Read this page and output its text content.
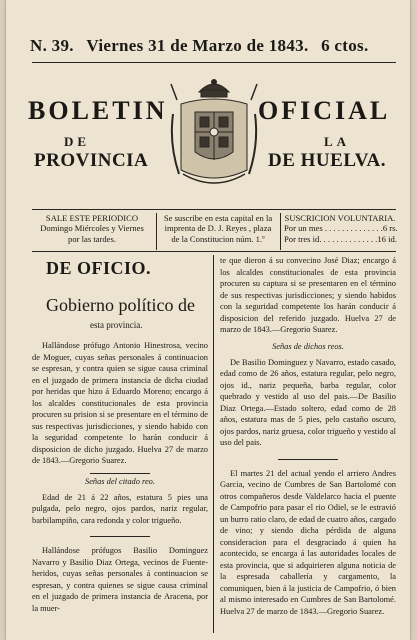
N. 39. Viernes 31 de Marzo de 1843. 6 ctos.
BOLETIN	OFICIAL
DE	LA
PROVINCIA	DE HUELVA.
SALE ESTE PERIODICO
Domingo Miércoles y Viernes
por las tardes.
Se suscribe en esta capital en la
imprenta de D. J. Reyes , plaza
de la Constitucion núm. 1.º
SUSCRICION VOLUNTARIA.
Por un mes . . . . . . . . . . . . . . 6 rs.
Por tres id. . . . . . . . . . . . . . 16 id.
DE OFICIO.
Gobierno político de
esta provincia.

Hallándose prófugo Antonio Hinestrosa, vecino de Moguer, cuyas señas personales á continuacion se espresan, y contra quien se sigue causa criminal en el juzgado de primera instancia de dicha ciudad por heridas que hizo á Eduardo Moreno; encargo á los alcaldes constitucionales de esta provincia procuren su prision si se presentare en el término de sus respectivas jurisdicciones, y siendo habido con la seguridad competente lo harán conducir á disposicion de dicho juzgado. Huelva 27 de marzo de 1843.—Gregorio Suarez.

Señas del citado reo.

Edad de 21 á 22 años, estatura 5 pies una pulgada, pelo negro, ojos pardos, nariz regular, barbilampiño, cara redonda y color trigueño.

Hallándose prófugos Basilio Dominguez Navarro y Basilio Diaz Ortega, vecinos de Fuente-heridos, cuyas señas personales á continuacion se espresan, y contra quienes se sigue causa criminal en el juzgado de primera instancia de Aracena, por la muer-

te que dieron á su convecino José Diaz; encargo á los alcaldes constitucionales de esta provincia procuren su captura si se presentaren en el término de sus respectivas jurisdicciones; y siendo habidos con la seguridad competente los harán conducir á disposicion del referido juzgado. Huelva 27 de marzo de 1843.—Gregorio Suarez.

Señas de dichos reos.

De Basilio Dominguez y Navarro, estado casado, edad como de 26 años, estatura regular, pelo negro, ojos id., nariz pequeña, barba regular, color quebrado y vestido al uso del pais.—De Basilio Diaz Ortega.—Estado soltero, edad como de 28 años, estatura mas de 5 pies, pelo castaño oscuro, ojos pardos, nariz gruesa, color trigueño y vestido al uso del pais.

El martes 21 del actual yendo el arriero Andres Garcia, vecino de Cumbres de San Bartolomé con otros compañeros desde Valdelarco hacia el puente de Campofrio para pasar el rio Odiel, se le estravió un burro ratio claro, de edad de cuatro años, cargado de vino; y siendo dicha pérdida de alguna consideracion para el desgraciado á quien ha acontecido, se encarga á las autoridades locales de esta provincia, que si adquirieren alguna noticia de la espresada caballería y cargamento, la comuniquen, bien á la justicia de Campofrio, ó bien al mismo interesado en Cumbres de San Bartolomé. Huelva 27 de marzo de 1843.—Gregorio Suarez.
